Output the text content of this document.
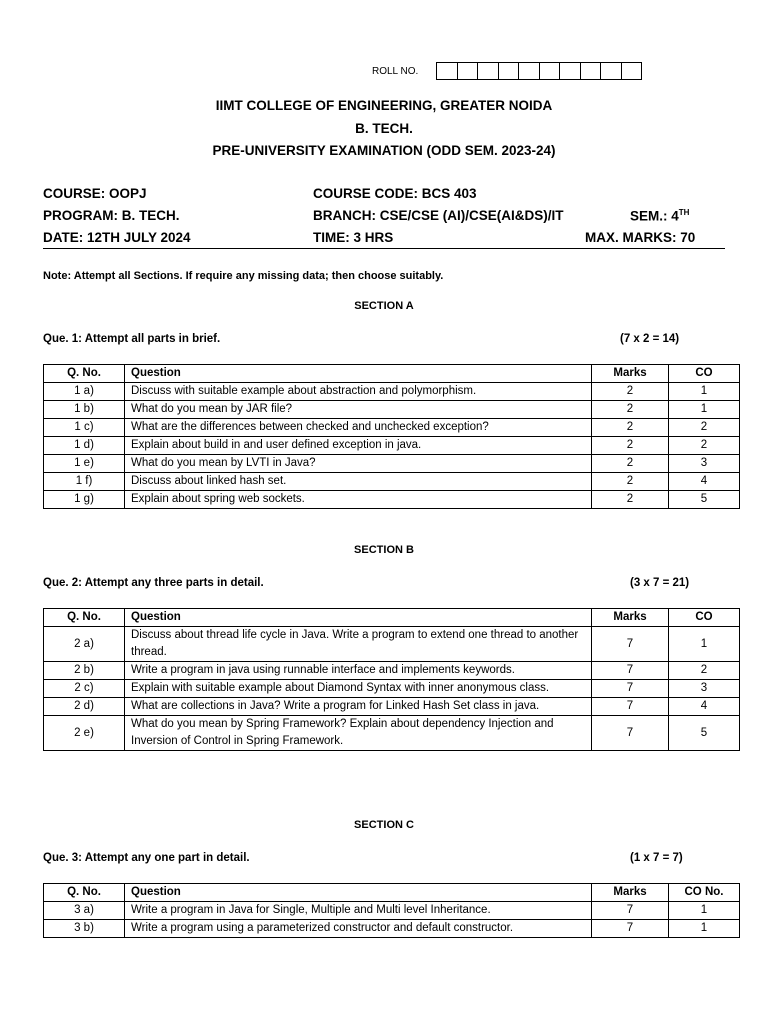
ROLL NO.
IIMT COLLEGE OF ENGINEERING, GREATER NOIDA
B. TECH.
PRE-UNIVERSITY EXAMINATION (ODD SEM. 2023-24)
COURSE: OOPJ	COURSE CODE: BCS 403
PROGRAM: B. TECH.	BRANCH: CSE/CSE (AI)/CSE(AI&DS)/IT	SEM.: 4TH
DATE: 12TH JULY 2024	TIME: 3 HRS	MAX. MARKS: 70
Note: Attempt all Sections. If require any missing data; then choose suitably.
SECTION A
Que. 1: Attempt all parts in brief.	(7 x 2 = 14)
Q. No.	Question	Marks	CO
1 a)	Discuss with suitable example about abstraction and polymorphism.	2	1
1 b)	What do you mean by JAR file?	2	1
1 c)	What are the differences between checked and unchecked exception?	2	2
1 d)	Explain about build in and user defined exception in java.	2	2
1 e)	What do you mean by LVTI in Java?	2	3
1 f)	Discuss about linked hash set.	2	4
1 g)	Explain about spring web sockets.	2	5
SECTION B
Que. 2: Attempt any three parts in detail.	(3 x 7 = 21)
Q. No.	Question	Marks	CO
2 a)	Discuss about thread life cycle in Java. Write a program to extend one thread to another thread.	7	1
2 b)	Write a program in java using runnable interface and implements keywords.	7	2
2 c)	Explain with suitable example about Diamond Syntax with inner anonymous class.	7	3
2 d)	What are collections in Java? Write a program for Linked Hash Set class in java.	7	4
2 e)	What do you mean by Spring Framework? Explain about dependency Injection and Inversion of Control in Spring Framework.	7	5
SECTION C
Que. 3: Attempt any one part in detail.	(1 x 7 = 7)
Q. No.	Question	Marks	CO No.
3 a)	Write a program in Java for Single, Multiple and Multi level Inheritance.	7	1
3 b)	Write a program using a parameterized constructor and default constructor.	7	1
